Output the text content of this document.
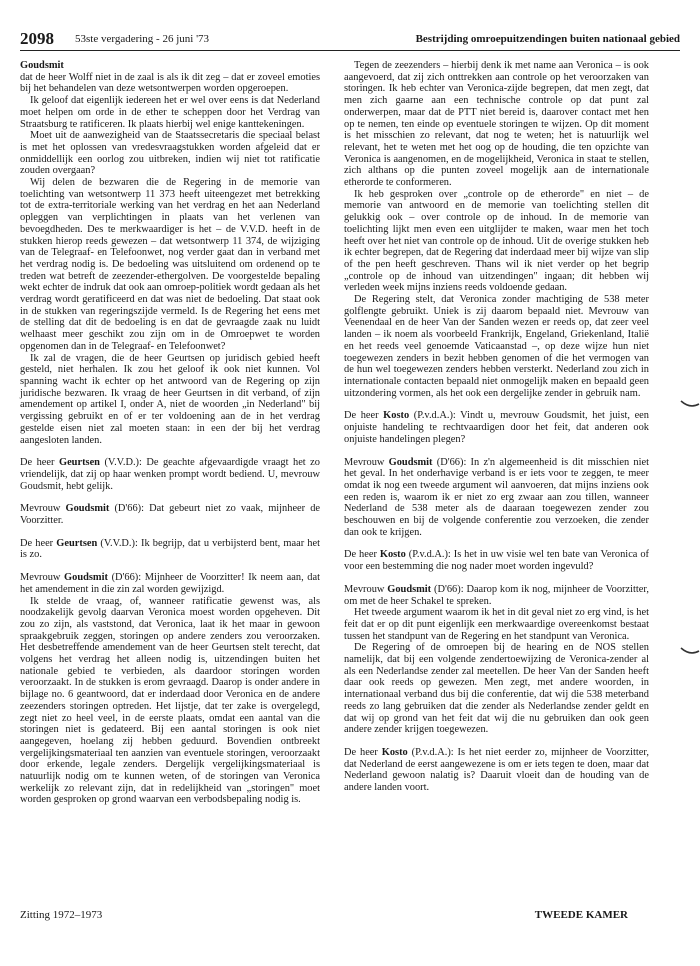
2098 53ste vergadering - 26 juni '73	Bestrijding omroepuitzendingen buiten nationaal gebied

Goudsmit

dat de heer Wolff niet in de zaal is als ik dit zeg – dat er zoveel emoties bij het behandelen van deze wetsontwerpen worden opgeroepen.

Ik geloof dat eigenlijk iedereen het er wel over eens is dat Nederland moet helpen om orde in de ether te scheppen door het Verdrag van Straatsburg te ratificeren. Ik plaats hierbij wel enige kanttekeningen.

Moet uit de aanwezigheid van de Staatssecretaris die speciaal belast is met het oplossen van vredesvraagstukken worden afgeleid dat er onmiddellijk een oorlog zou uitbreken, indien wij niet tot ratificatie zouden overgaan?

Wij delen de bezwaren die de Regering in de memorie van toelichting van wetsontwerp 11 373 heeft uiteengezet met betrekking tot de extra-territoriale werking van het verdrag en het aan Nederland opleggen van verplichtingen in plaats van het verlenen van bevoegdheden. Des te merkwaardiger is het – de V.V.D. heeft in de stukken hierop reeds gewezen – dat wetsontwerp 11 374, de wijziging van de Telegraaf- en Telefoonwet, nog verder gaat dan in verband met het verdrag nodig is. De bedoeling was uitsluitend om ordenend op te treden wat betreft de zeezender-ethergolven. De voorgestelde bepaling wekt echter de indruk dat ook aan omroep-politiek wordt gedaan als het verdrag wordt geratificeerd en dat was niet de bedoeling. Dat staat ook in de stukken van regeringszijde vermeld. Is de Regering het eens met de stelling dat dit de bedoeling is en dat de gevraagde zaak nu luidt welhaast meer geschikt zou zijn om in de Omroepwet te worden opgenomen dan in de Telegraaf- en Telefoonwet?

Ik zal de vragen, die de heer Geurtsen op juridisch gebied heeft gesteld, niet herhalen. Ik zou het geloof ik ook niet kunnen. Vol spanning wacht ik echter op het antwoord van de Regering op zijn juridische bezwaren. Ik vraag de heer Geurtsen in dit verband, of zijn amendement op artikel I, onder A, niet de woorden „in Nederland" bij vergissing gebruikt en of er ter voldoening aan de in het verdrag gestelde eisen niet zal moeten staan: in een der bij het verdrag aangesloten landen.

De heer Geurtsen (V.V.D.): De geachte afgevaardigde vraagt het zo vriendelijk, dat zij op haar wenken prompt wordt bediend. U, mevrouw Goudsmit, hebt gelijk.

Mevrouw Goudsmit (D'66): Dat gebeurt niet zo vaak, mijnheer de Voorzitter.

De heer Geurtsen (V.V.D.): Ik begrijp, dat u verbijsterd bent, maar het is zo.

Mevrouw Goudsmit (D'66): Mijnheer de Voorzitter! Ik neem aan, dat het amendement in die zin zal worden gewijzigd.

Ik stelde de vraag, of, wanneer ratificatie gewenst was, als noodzakelijk gevolg daarvan Veronica moest worden opgeheven. Dit zou zo zijn, als vaststond, dat Veronica, laat ik het maar in gewoon spraakgebruik zeggen, storingen op andere zenders zou veroorzaken. Het desbetreffende amendement van de heer Geurtsen stelt terecht, dat volgens het verdrag het alleen nodig is, uitzendingen buiten het nationale gebied te verbieden, als daardoor storingen worden veroorzaakt. In de stukken is erom gevraagd. Daarop is onder andere in bijlage no. 6 geantwoord, dat er inderdaad door Veronica en de andere zeezenders storingen optreden. Het lijstje, dat ter zake is overgelegd, zegt niet zo heel veel, in de eerste plaats, omdat een aantal van die storingen niet is gedateerd. Bij een aantal storingen is ook niet aangegeven, hoelang zij hebben geduurd. Bovendien ontbreekt vergelijkingsmateriaal ten aanzien van eventuele storingen, veroorzaakt door erkende, legale zenders. Dergelijk vergelijkingsmateriaal is natuurlijk nodig om te kunnen weten, of de storingen van Veronica werkelijk zo relevant zijn, dat in redelijkheid van „storingen" moet worden gesproken op grond waarvan een verbodsbepaling nodig is.

Tegen de zeezenders – hierbij denk ik met name aan Veronica – is ook aangevoerd, dat zij zich onttrekken aan controle op het veroorzaken van storingen. Ik heb echter van Veronica-zijde begrepen, dat men zegt, dat men zich gaarne aan een technische controle op dat punt zal onderwerpen, maar dat de PTT niet bereid is, daarover contact met hen op te nemen, ten einde op eventuele storingen te wijzen. Op dit moment is het misschien zo relevant, dat nog te weten; het is natuurlijk wel relevant, het te weten met het oog op de houding, die ten opzichte van Veronica is aangenomen, en de mogelijkheid, Veronica in staat te stellen, zich althans op die punten zoveel mogelijk aan de internationale etherorde te conformeren.

Ik heb gesproken over „controle op de etherorde" en niet – de memorie van antwoord en de memorie van toelichting stellen dit gelukkig ook – over controle op de inhoud. In de memorie van toelichting lijkt men even een uitglijder te maken, waar men het toch heeft over het niet van controle op de inhoud. Uit de overige stukken heb ik echter begrepen, dat de Regering dat inderdaad meer bij wijze van slip of the pen heeft geschreven. Thans wil ik niet verder op het begrip „controle op de inhoud van uitzendingen" ingaan; dit hebben wij verleden week mijns inziens reeds voldoende gedaan.

De Regering stelt, dat Veronica zonder machtiging de 538 meter golflengte gebruikt. Uniek is zij daarom bepaald niet. Mevrouw van Veenendaal en de heer Van der Sanden wezen er reeds op, dat zeer veel landen – ik noem als voorbeeld Frankrijk, Engeland, Griekenland, Italië en het reeds veel genoemde Vaticaanstad –, op deze wijze hun niet toegewezen zenders in bezit hebben genomen of die het vermogen van de hun wel toegewezen zenders hebben versterkt. Nederland zou zich in internationale contacten bepaald niet onmogelijk maken en bepaald geen uitzondering vormen, als het ook een dergelijke zender in gebruik nam.

De heer Kosto (P.v.d.A.): Vindt u, mevrouw Goudsmit, het juist, een onjuiste handeling te rechtvaardigen door het feit, dat anderen ook onjuiste handelingen plegen?

Mevrouw Goudsmit (D'66): In z'n algemeenheid is dit misschien niet het geval. In het onderhavige verband is er iets voor te zeggen, te meer omdat ik nog een tweede argument wil aanvoeren, dat mijns inziens ook een reden is, waarom ik er niet zo erg zwaar aan zou tillen, wanneer Nederland de 538 meter als de daaraan toegewezen zender zou beschouwen en bij de volgende conferentie zou verzoeken, die zender dan ook te krijgen.

De heer Kosto (P.v.d.A.): Is het in uw visie wel ten bate van Veronica of voor een bestemming die nog nader moet worden ingevuld?

Mevrouw Goudsmit (D'66): Daarop kom ik nog, mijnheer de Voorzitter, om met de heer Schakel te spreken.

Het tweede argument waarom ik het in dit geval niet zo erg vind, is het feit dat er op dit punt eigenlijk een merkwaardige overeenkomst bestaat tussen het standpunt van de Regering en het standpunt van Veronica.

De Regering of de omroepen bij de hearing en de NOS stellen namelijk, dat bij een volgende zendertoewijzing de Veronica-zender al als een Nederlandse zender zal meetellen. De heer Van der Sanden heeft daar ook reeds op gewezen. Men zegt, met andere woorden, in internationaal verband dus bij die conferentie, dat wij die 538 meterband reeds zo lang gebruiken dat die zender als Nederlandse zender geldt en dat wij op grond van het feit dat wij die nu gebruiken dan ook geen andere zender krijgen toegewezen.

De heer Kosto (P.v.d.A.): Is het niet eerder zo, mijnheer de Voorzitter, dat Nederland de eerst aangewezene is om er iets tegen te doen, maar dat Nederland gewoon nalatig is? Daaruit vloeit dan de houding van de andere landen voort.

Zitting 1972–1973	TWEEDE KAMER
